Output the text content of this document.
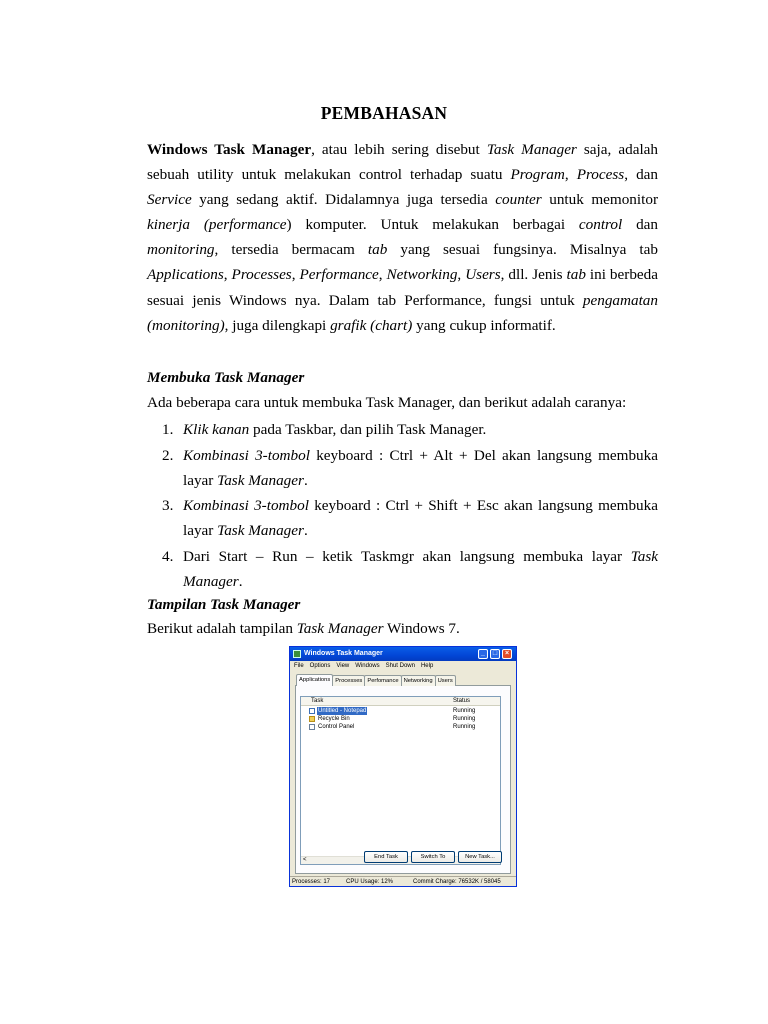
PEMBAHASAN
Windows Task Manager, atau lebih sering disebut Task Manager saja, adalah sebuah utility untuk melakukan control terhadap suatu Program, Process, dan Service yang sedang aktif. Didalamnya juga tersedia counter untuk memonitor kinerja (performance) komputer. Untuk melakukan berbagai control dan monitoring, tersedia bermacam tab yang sesuai fungsinya. Misalnya tab Applications, Processes, Performance, Networking, Users, dll. Jenis tab ini berbeda sesuai jenis Windows nya. Dalam tab Performance, fungsi untuk pengamatan (monitoring), juga dilengkapi grafik (chart) yang cukup informatif.
Membuka Task Manager
Ada beberapa cara untuk membuka Task Manager, dan berikut adalah caranya:
1. Klik kanan pada Taskbar, dan pilih Task Manager.
2. Kombinasi 3-tombol keyboard : Ctrl + Alt + Del akan langsung membuka layar Task Manager.
3. Kombinasi 3-tombol keyboard : Ctrl + Shift + Esc akan langsung membuka layar Task Manager.
4. Dari Start – Run – ketik Taskmgr akan langsung membuka layar Task Manager.
Tampilan Task Manager
Berikut adalah tampilan Task Manager Windows 7.
Windows Task Manager	_	□	×
File Options View Windows Shut Down Help
Applications Processes Perfomance Networking Users
Task	Status
Untitled - Notepad	Running
Recycle Bin	Running
Control Panel	Running
<	End Task	Switch To	New Task...
Processes: 17	CPU Usage: 12%	Commit Charge: 76532K / 58045
